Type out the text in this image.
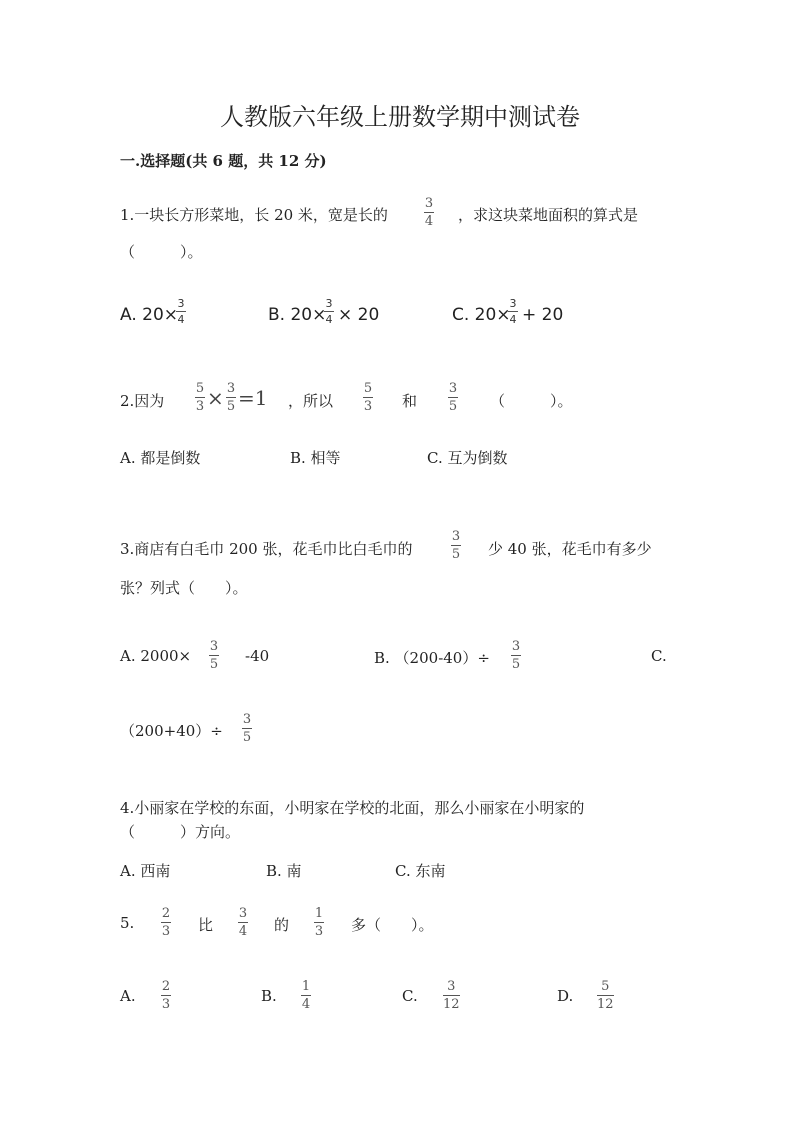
人教版六年级上册数学期中测试卷
一.选择题(共 6 题，共 12 分)
1.一块长方形菜地，长 20 米，宽是长的
3
4 ，求这块菜地面积的算式是
（　　　）。
A. 20×
3
4	B. 20×
3
4 × 20	C. 20×
3
4 + 20
2.因为
5
3 × 3
5 =1 ，所以
5
3 和
3
5 （　　　）。
A. 都是倒数	B. 相等	C. 互为倒数
3.商店有白毛巾 200 张，花毛巾比白毛巾的
3
5 少 40 张，花毛巾有多少
张？列式（　　）。
A. 2000×
3
5 -40	B. （200-40）÷
3
5	C.
（200+40）÷
3
5
4.小丽家在学校的东面，小明家在学校的北面，那么小丽家在小明家的
（　　　）方向。
A. 西南	B. 南	C. 东南
5.
2
3 比
3
4 的
1
3 多（　　）。
A.
2
3	B.
1
4	C.
3
12	D.
5
12
